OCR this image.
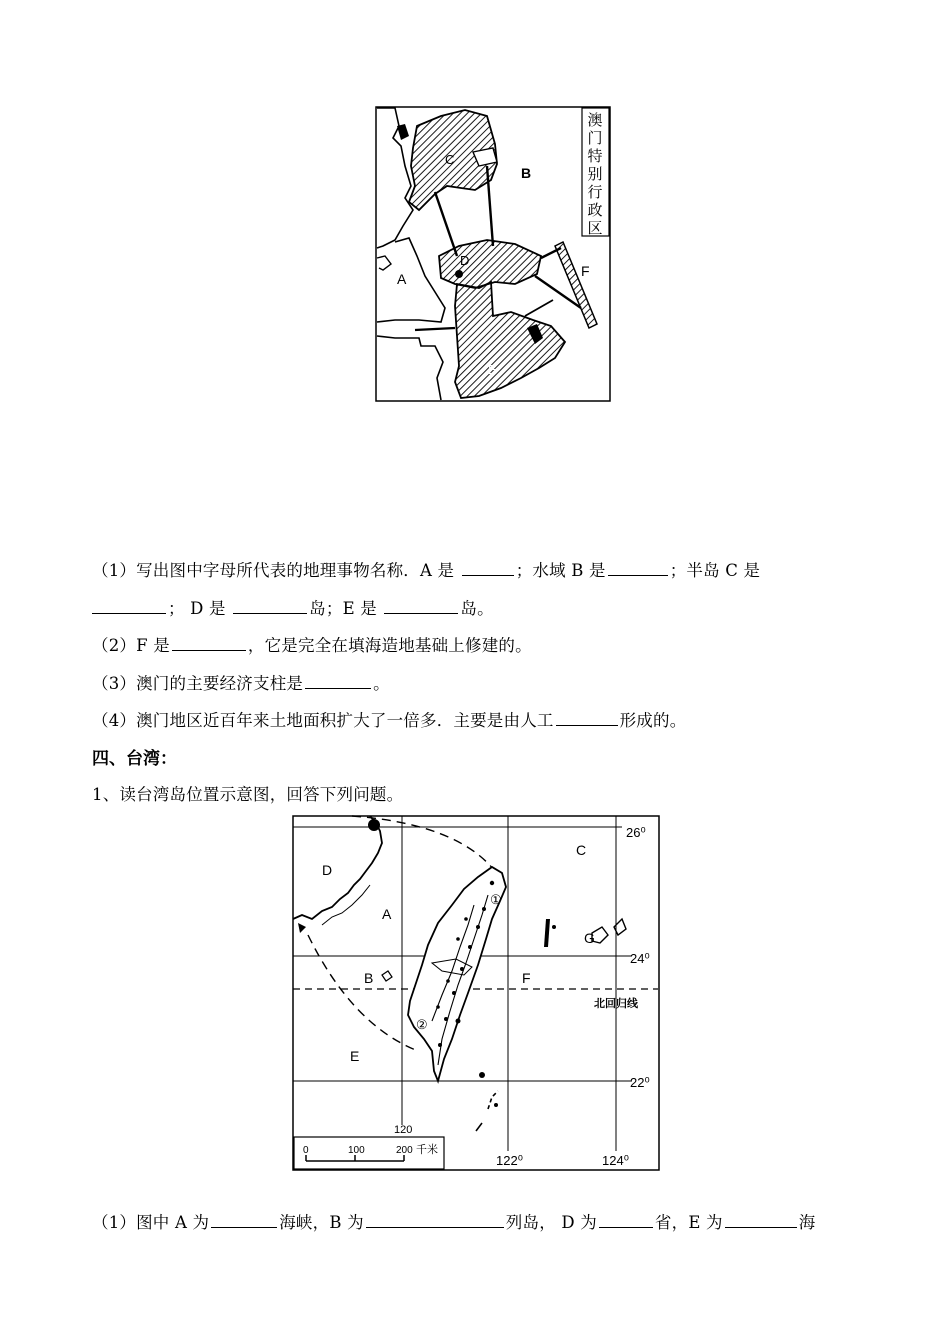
C
B
D
A	F
E
澳
门
特
别
行
政
区
（1）写出图中字母所代表的地理事物名称．A 是	；水域 B 是	；半岛 C 是
； D 是	岛；E 是	岛。
（2）F 是	，它是完全在填海造地基础上修建的。
（3）澳门的主要经济支柱是	。
（4）澳门地区近百年来土地面积扩大了一倍多．主要是由人工	形成的。
四、台湾：
1、读台湾岛位置示意图，回答下列问题。
①
②
D
A
B
E
F
C
G
26⁰
24⁰
22⁰
120
122⁰	124⁰
北回归线
0	100	200 千米
（1）图中 A 为	海峡，B 为	列岛， D 为	省，E 为	海
